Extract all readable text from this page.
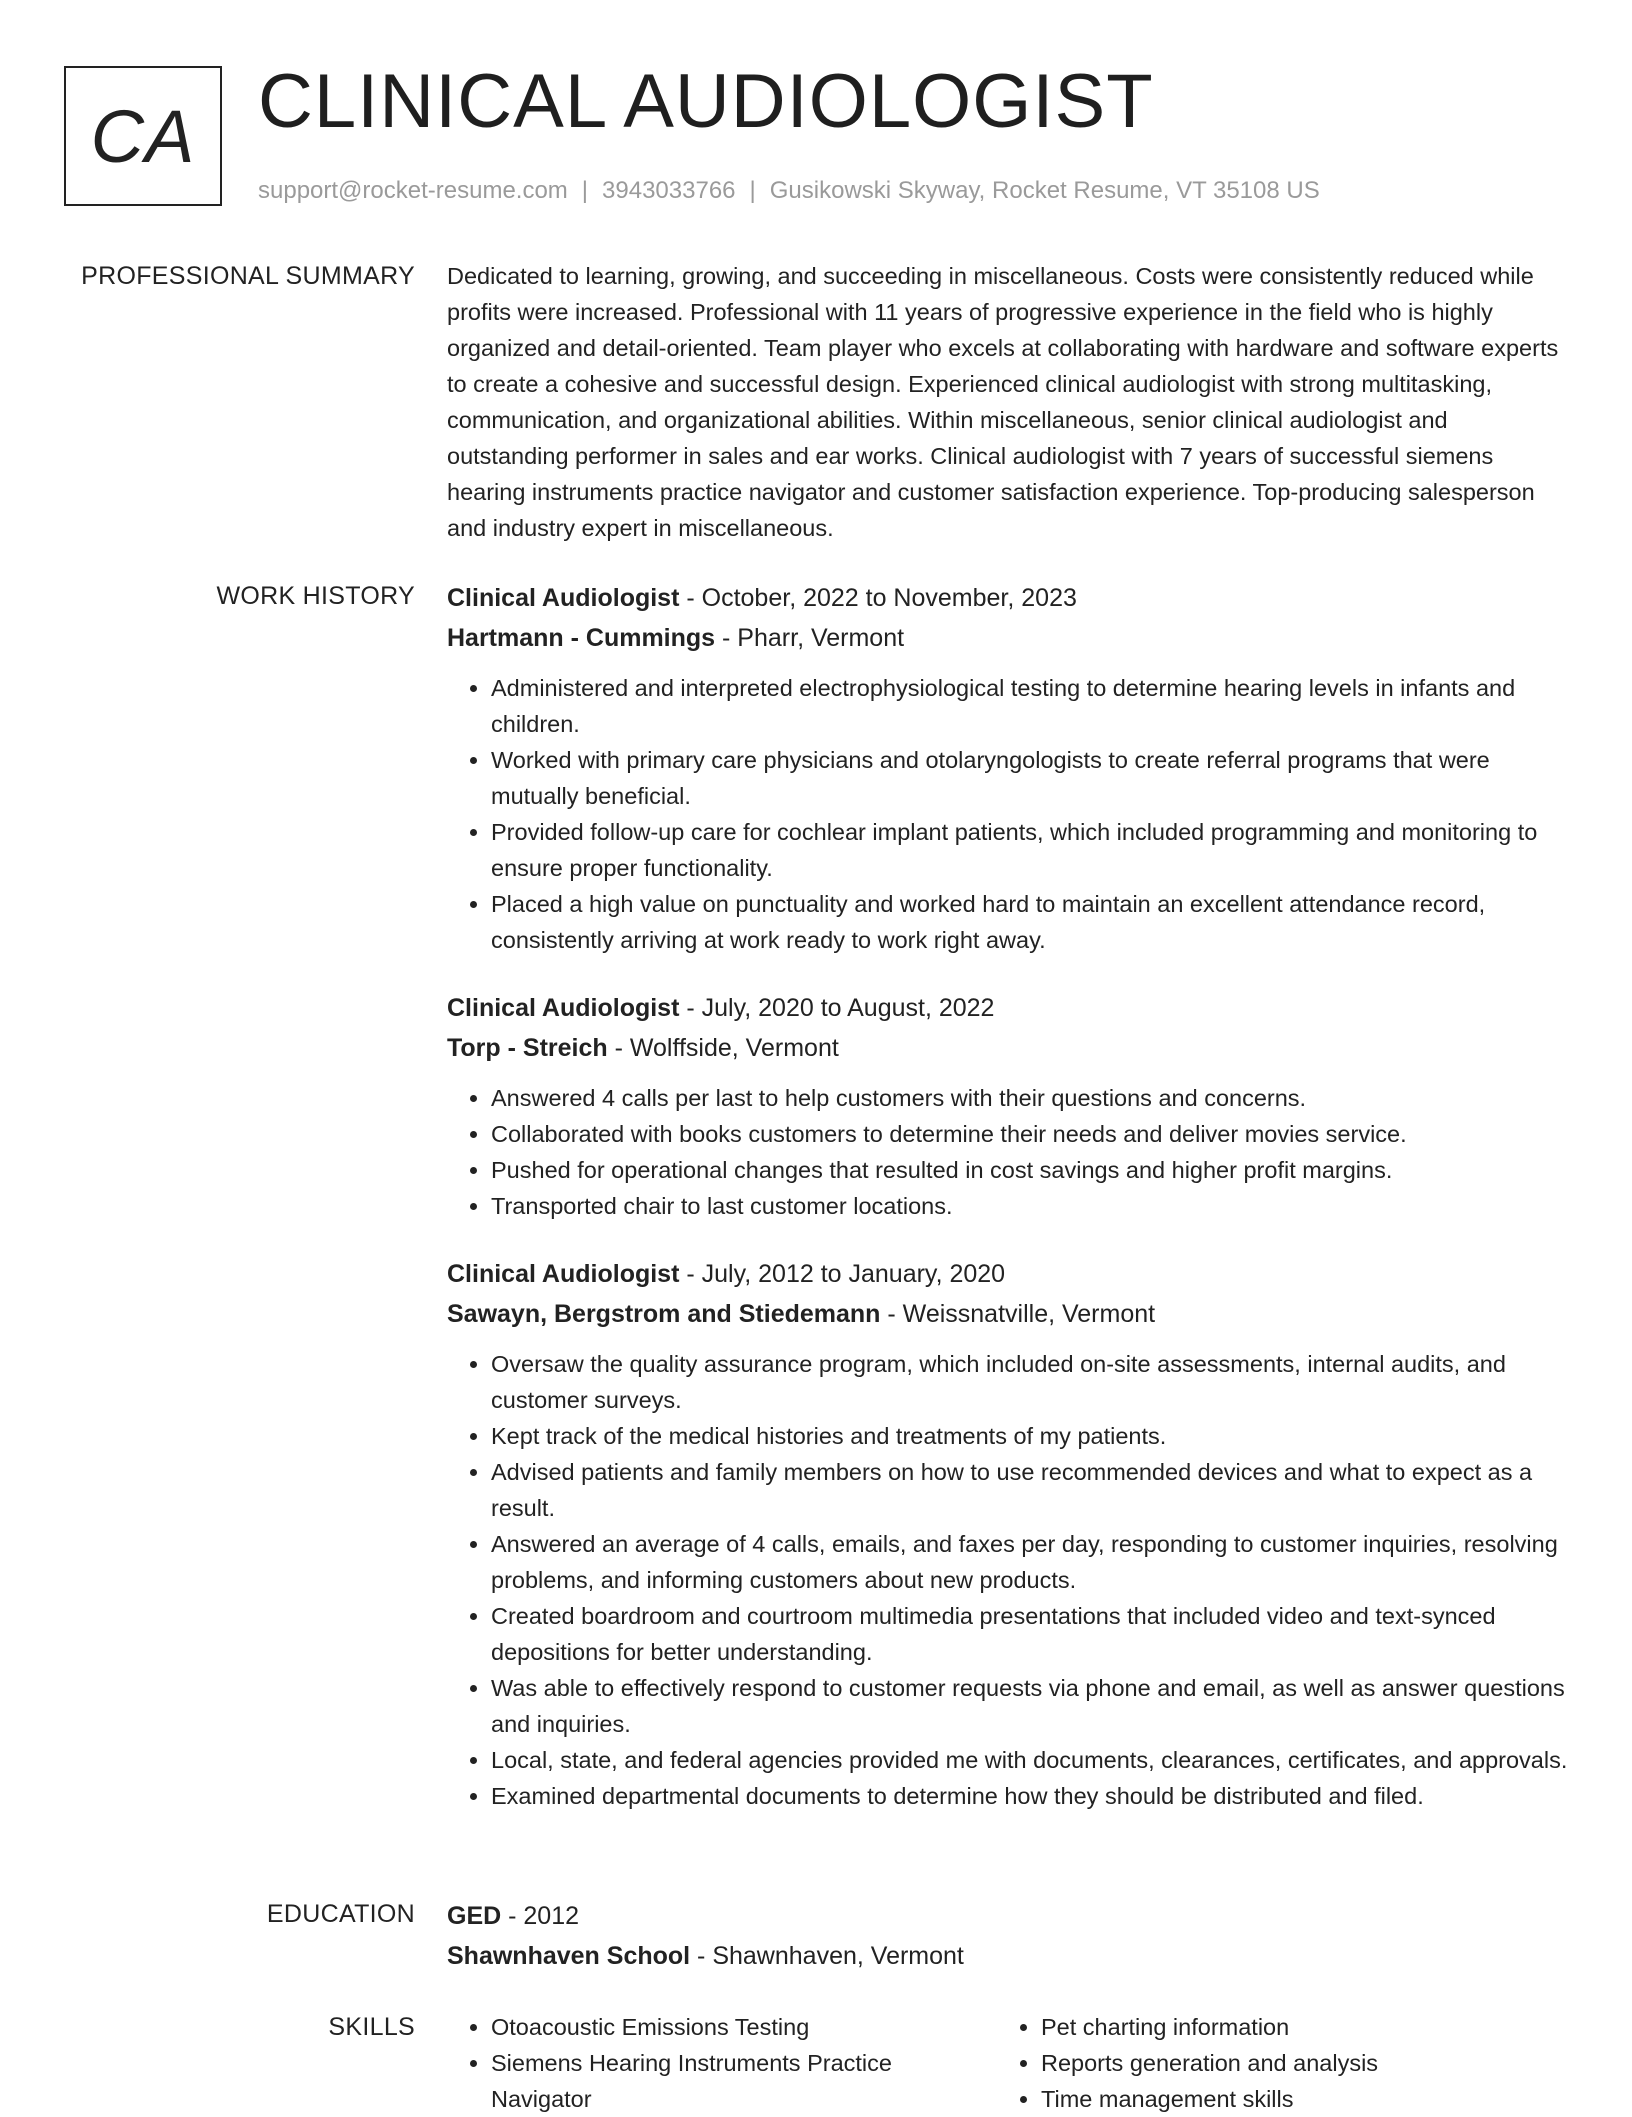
CA CLINICAL AUDIOLOGIST
support@rocket-resume.com | 3943033766 | Gusikowski Skyway, Rocket Resume, VT 35108 US
PROFESSIONAL SUMMARY Dedicated to learning, growing, and succeeding in miscellaneous. Costs were consistently reduced while profits were increased. Professional with 11 years of progressive experience in the field who is highly organized and detail-oriented. Team player who excels at collaborating with hardware and software experts to create a cohesive and successful design. Experienced clinical audiologist with strong multitasking, communication, and organizational abilities. Within miscellaneous, senior clinical audiologist and outstanding performer in sales and ear works. Clinical audiologist with 7 years of successful siemens hearing instruments practice navigator and customer satisfaction experience. Top-producing salesperson and industry expert in miscellaneous.

WORK HISTORY Clinical Audiologist - October, 2022 to November, 2023
Hartmann - Cummings - Pharr, Vermont
• Administered and interpreted electrophysiological testing to determine hearing levels in infants and children.
• Worked with primary care physicians and otolaryngologists to create referral programs that were mutually beneficial.
• Provided follow-up care for cochlear implant patients, which included programming and monitoring to ensure proper functionality.
• Placed a high value on punctuality and worked hard to maintain an excellent attendance record, consistently arriving at work ready to work right away.
Clinical Audiologist - July, 2020 to August, 2022
Torp - Streich - Wolffside, Vermont
• Answered 4 calls per last to help customers with their questions and concerns.
• Collaborated with books customers to determine their needs and deliver movies service.
• Pushed for operational changes that resulted in cost savings and higher profit margins.
• Transported chair to last customer locations.
Clinical Audiologist - July, 2012 to January, 2020
Sawayn, Bergstrom and Stiedemann - Weissnatville, Vermont
• Oversaw the quality assurance program, which included on-site assessments, internal audits, and customer surveys.
• Kept track of the medical histories and treatments of my patients.
• Advised patients and family members on how to use recommended devices and what to expect as a result.
• Answered an average of 4 calls, emails, and faxes per day, responding to customer inquiries, resolving problems, and informing customers about new products.
• Created boardroom and courtroom multimedia presentations that included video and text-synced depositions for better understanding.
• Was able to effectively respond to customer requests via phone and email, as well as answer questions and inquiries.
• Local, state, and federal agencies provided me with documents, clearances, certificates, and approvals.
• Examined departmental documents to determine how they should be distributed and filed.
EDUCATION GED - 2012
Shawnhaven School - Shawnhaven, Vermont
SKILLS
•	Otoacoustic Emissions Testing
• Siemens Hearing Instruments Practice Navigator
• Pet charting information
• Reports generation and analysis
• Time management skills
